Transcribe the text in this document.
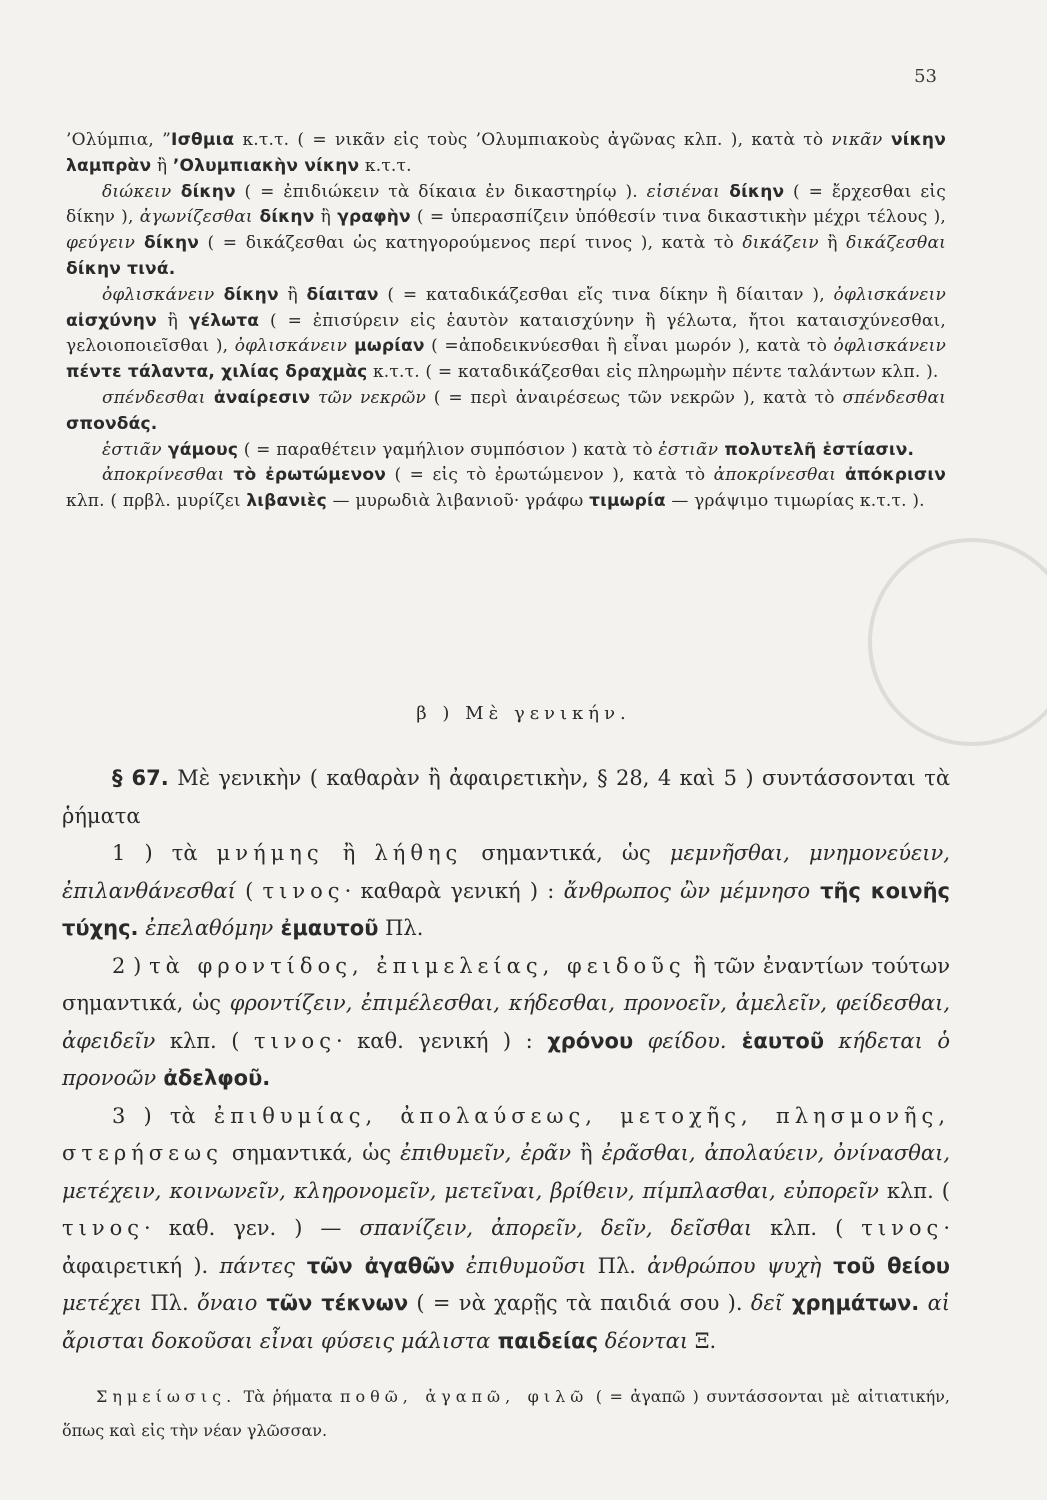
53

’Ολύμπια, ”Ισθμια κ.τ.τ. ( = νικᾶν εἰς τοὺς ’Ολυμπιακοὺς ἀγῶνας κλπ. ), κατὰ τὸ νικᾶν νίκην λαμπρὰν ἢ ’Ολυμπιακὴν νίκην κ.τ.τ.

διώκειν δίκην ( = ἐπιδιώκειν τὰ δίκαια ἐν δικαστηρίῳ ). εἰσιέναι δίκην ( = ἔρχεσθαι εἰς δίκην ), ἀγωνίζεσθαι δίκην ἢ γραφὴν ( = ὑπερασπίζειν ὑπόθεσίν τινα δικαστικὴν μέχρι τέλους ), φεύγειν δίκην ( = δικάζεσθαι ὡς κατηγορούμενος περί τινος ), κατὰ τὸ δικάζειν ἢ δικάζεσθαι δίκην τινά.

ὀφλισκάνειν δίκην ἢ δίαιταν ( = καταδικάζεσθαι εἴς τινα δίκην ἢ δίαιταν ), ὀφλισκάνειν αἰσχύνην ἢ γέλωτα ( = ἐπισύρειν εἰς ἑαυτὸν καταισχύνην ἢ γέλωτα, ἤτοι καταισχύνεσθαι, γελοιοποιεῖσθαι ), ὀφλισκάνειν μωρίαν ( =ἀποδεικνύεσθαι ἢ εἶναι μωρόν ), κατὰ τὸ ὀφλισκάνειν πέντε τάλαντα, χιλίας δραχμὰς κ.τ.τ. ( = καταδικάζεσθαι εἰς πληρωμὴν πέντε ταλάντων κλπ. ).

σπένδεσθαι ἀναίρεσιν τῶν νεκρῶν ( = περὶ ἀναιρέσεως τῶν νεκρῶν ), κατὰ τὸ σπένδεσθαι σπονδάς.

ἑστιᾶν γάμους ( = παραθέτειν γαμήλιον συμπόσιον ) κατὰ τὸ ἑστιᾶν πολυτελῆ ἑστίασιν.

ἀποκρίνεσθαι τὸ ἐρωτώμενον ( = εἰς τὸ ἐρωτώμενον ), κατὰ τὸ ἀποκρίνεσθαι ἀπόκρισιν κλπ. ( πρβλ. μυρίζει λιβανιὲς — μυρωδιὰ λιβανιοῦ· γράφω τιμωρία — γράψιμο τιμωρίας κ.τ.τ. ).

β ) Μὲ γενικήν.

§ 67. Μὲ γενικὴν ( καθαρὰν ἢ ἀφαιρετικὴν, § 28, 4 καὶ 5 ) συντάσσονται τὰ ῥήματα

1 ) τὰ μνήμης ἢ λήθης σημαντικά, ὡς μεμνῆσθαι, μνημονεύειν, ἐπιλανθάνεσθαί ( τινος· καθαρὰ γενική ) : ἄνθρωπος ὢν μέμνησο τῆς κοινῆς τύχης. ἐπελαθόμην ἐμαυτοῦ Πλ.

2 ) τὰ φροντίδος, ἐπιμελείας, φειδοῦς ἢ τῶν ἐναντίων τούτων σημαντικά, ὡς φροντίζειν, ἐπιμέλεσθαι, κήδεσθαι, προνοεῖν, ἀμελεῖν, φείδεσθαι, ἀφειδεῖν κλπ. ( τινος· καθ. γενική ) : χρόνου φείδου. ἑαυτοῦ κήδεται ὁ προνοῶν ἀδελφοῦ.

3 ) τὰ ἐπιθυμίας, ἀπολαύσεως, μετοχῆς, πλησμονῆς, στερήσεως σημαντικά, ὡς ἐπιθυμεῖν, ἐρᾶν ἢ ἐρᾶσθαι, ἀπολαύειν, ὀνίνασθαι, μετέχειν, κοινωνεῖν, κληρονομεῖν, μετεῖναι, βρίθειν, πίμπλασθαι, εὐπορεῖν κλπ. ( τινος· καθ. γεν. ) — σπανίζειν, ἀπορεῖν, δεῖν, δεῖσθαι κλπ. ( τινος· ἀφαιρετική ). πάντες τῶν ἀγαθῶν ἐπιθυμοῦσι Πλ. ἀνθρώπου ψυχὴ τοῦ θείου μετέχει Πλ. ὄναιο τῶν τέκνων ( = νὰ χαρῇς τὰ παιδιά σου ). δεῖ χρημάτων. αἱ ἄρισται δοκοῦσαι εἶναι φύσεις μάλιστα παιδείας δέονται Ξ.

Σημείωσις. Τὰ ῥήματα ποθῶ, ἀγαπῶ, φιλῶ ( = ἀγαπῶ ) συντάσσονται μὲ αἰτιατικήν, ὅπως καὶ εἰς τὴν νέαν γλῶσσαν.
